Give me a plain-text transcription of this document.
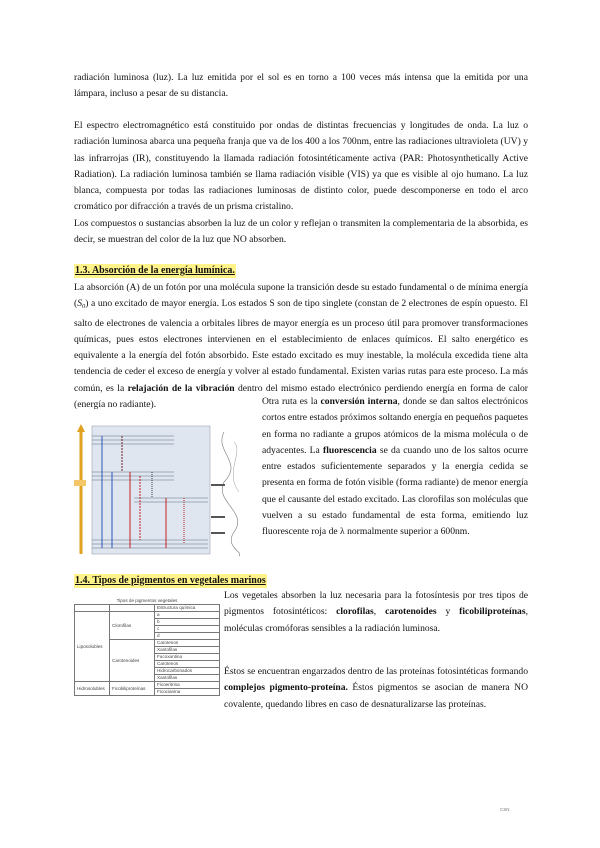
radiación luminosa (luz). La luz emitida por el sol es en torno a 100 veces más intensa que la emitida por una lámpara, incluso a pesar de su distancia.

El espectro electromagnético está constituido por ondas de distintas frecuencias y longitudes de onda. La luz o radiación luminosa abarca una pequeña franja que va de los 400 a los 700nm, entre las radiaciones ultravioleta (UV) y las infrarrojas (IR), constituyendo la llamada radiación fotosintéticamente activa (PAR: Photosynthetically Active Radiation). La radiación luminosa también se llama radiación visible (VIS) ya que es visible al ojo humano. La luz blanca, compuesta por todas las radiaciones luminosas de distinto color, puede descomponerse en todo el arco cromático por difracción a través de un prisma cristalino.

Los compuestos o sustancias absorben la luz de un color y reflejan o transmiten la complementaria de la absorbida, es decir, se muestran del color de la luz que NO absorben.

1.3. Absorción de la energía lumínica.

La absorción (A) de un fotón por una molécula supone la transición desde su estado fundamental o de mínima energía $(S_0)$ a uno excitado de mayor energía. Los estados S son de tipo singlete (constan de 2 electrones de espín opuesto. El salto de electrones de valencia a orbitales libres de mayor energía es un proceso útil para promover transformaciones químicas, pues estos electrones intervienen en el establecimiento de enlaces químicos. El salto energético es equivalente a la energía del fotón absorbido. Este estado excitado es muy inestable, la molécula excedida tiene alta tendencia de ceder el exceso de energía y volver al estado fundamental. Existen varias rutas para este proceso. La más común, es la relajación de la vibración dentro del mismo estado electrónico perdiendo energía en forma de calor (energía no radiante).	Otra ruta es la conversión interna, donde se dan saltos electrónicos cortos entre estados próximos soltando energía en pequeños paquetes en forma no radiante a grupos atómicos de la misma molécula o de adyacentes. La fluorescencia se da cuando uno de los saltos ocurre entre estados suficientemente separados y la energía cedida se presenta en forma de fotón visible (forma radiante) de menor energía que el causante del estado excitado. Las clorofilas son moléculas que vuelven a su estado fundamental de esta forma, emitiendo luz fluorescente roja de λ normalmente superior a 600nm.
1.4. Tipos de pigmentos en vegetales marinos
Tipos de pigmentos vegetales		
		Estructura química
Liposolubles	Clorofilas	a
		b
		c
		d
	Carotenoides	Carotenos
		Xantofilas
		Fucoxantina
		Carotenos
		Hidrocarbonados
		Xantofilas
Hidrosolubles	Ficobiliproteínas	Ficoeritrina
		Ficocianina
Los vegetales absorben la luz necesaria para la fotosíntesis por tres tipos de pigmentos fotosintéticos: clorofilas, carotenoides y ficobiliproteínas, moléculas cromóforas sensibles a la radiación luminosa.
Éstos se encuentran engarzados dentro de las proteínas fotosintéticas formando complejos pigmento-proteína. Éstos pigmentos se asocian de manera NO covalente, quedando libres en caso de desnaturalizarse las proteínas.
CSN
